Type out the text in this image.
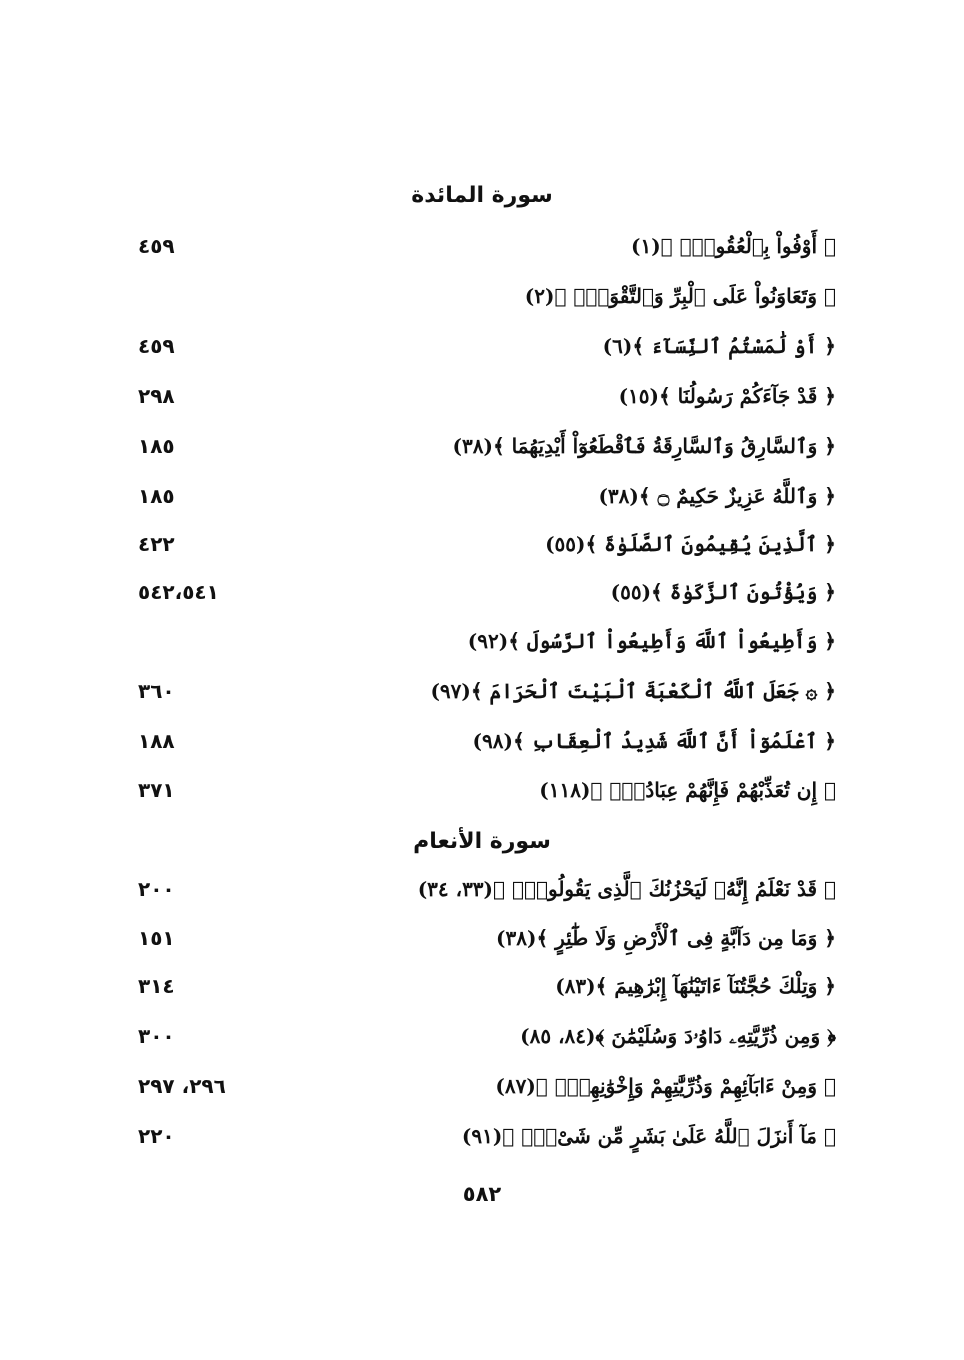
سورة المائدة
﴿ أَوْفُواْ بِٱلْعُقُودِۚ ﴾(١)
٤٥٩
﴿ وَتَعَاوَنُواْ عَلَى ٱلْبِرِّ وَٱلتَّقْوَىٰۖ ﴾(٢)
﴿ أَوْ لَٰمَسْتُمُ ٱلنِّسَآءَ ﴾(٦)
٤٥٩
﴿ قَدْ جَآءَكُمْ رَسُولُنَا ﴾(١٥)
٢٩٨
﴿ وَٱلسَّارِقُ وَٱلسَّارِقَةُ فَٱقْطَعُوٓاْ أَيْدِيَهُمَا ﴾(٣٨)
١٨٥
﴿ وَٱللَّهُ عَزِيزٌ حَكِيمٌ ۝ ﴾(٣٨)
١٨٥
﴿ ٱلَّذِينَ يُقِيمُونَ ٱلصَّلَوٰةَ ﴾(٥٥)
٤٢٢
﴿ وَيُؤْتُونَ ٱلزَّكَوٰةَ ﴾(٥٥)
٥٤٢،٥٤١
﴿ وَأَطِيعُواْ ٱللَّهَ وَأَطِيعُواْ ٱلرَّسُولَ ﴾(٩٢)
﴿ ۞ جَعَلَ ٱللَّهُ ٱلْكَعْبَةَ ٱلْبَيْتَ ٱلْحَرَامَ ﴾(٩٧)
٣٦٠
﴿ ٱعْلَمُوٓاْ أَنَّ ٱللَّهَ شَدِيدُ ٱلْعِقَابِ ﴾(٩٨)
١٨٨
﴿ إِن تُعَذِّبْهُمْ فَإِنَّهُمْ عِبَادُكَۖ ﴾(١١٨)
٣٧١
سورة الأنعام
﴿ قَدْ نَعْلَمُ إِنَّهُۥ لَيَحْزُنُكَ ٱلَّذِى يَقُولُونَۖ ﴾(٣٣، ٣٤)
٢٠٠
﴿ وَمَا مِن دَآبَّةٍ فِى ٱلْأَرْضِ وَلَا طَٰٓئِرٍ ﴾(٣٨)
١٥١
﴿ وَتِلْكَ حُجَّتُنَآ ءَاتَيْنَٰهَآ إِبْرَٰهِيمَ ﴾(٨٣)
٣١٤
﴿ وَمِن ذُرِّيَّتِهِۦ دَاوُۥدَ وَسُلَيْمَٰنَ ﴾(٨٤، ٨٥)
٣٠٠
﴿ وَمِنْ ءَابَآئِهِمْ وَذُرِّيَّٰتِهِمْ وَإِخْوَٰنِهِمْۖ ﴾(٨٧)
٢٩٦، ٢٩٧
﴿ مَآ أَنزَلَ ٱللَّهُ عَلَىٰ بَشَرٍ مِّن شَىْءٍۗ ﴾(٩١)
٢٢٠
٥٨٢
